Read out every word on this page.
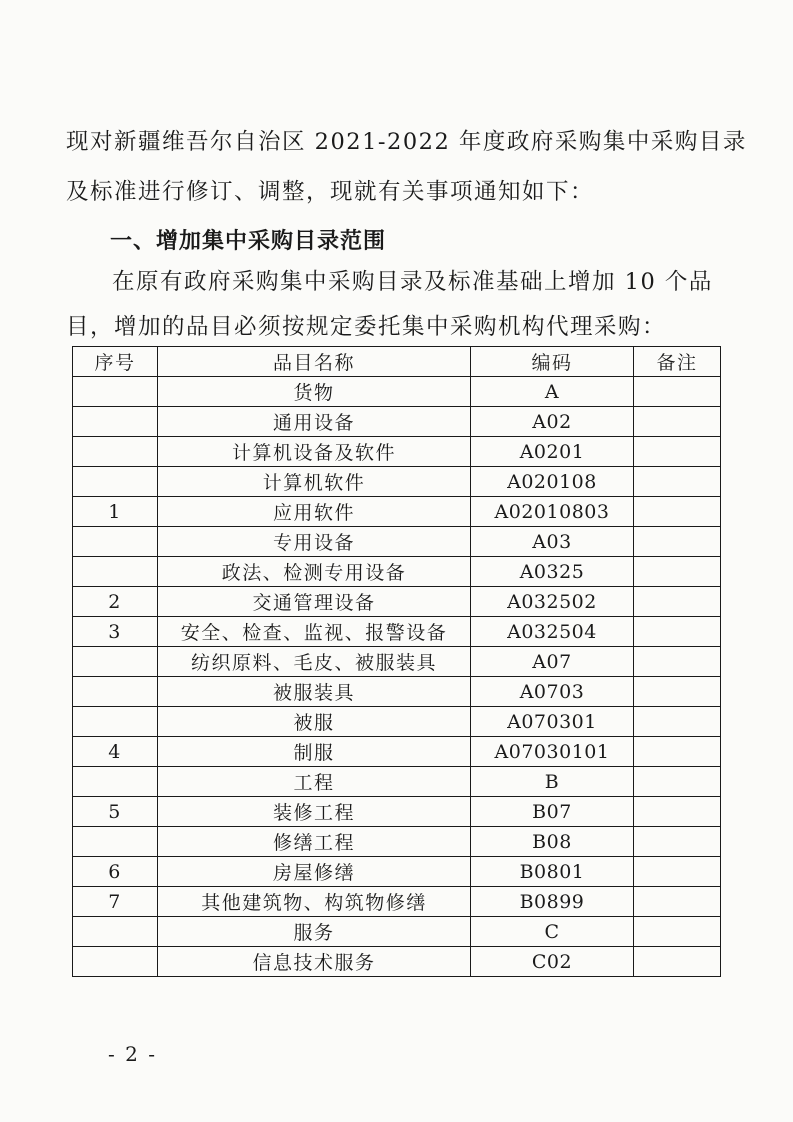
现对新疆维吾尔自治区 2021-2022 年度政府采购集中采购目录
及标准进行修订、调整，现就有关事项通知如下：
一、增加集中采购目录范围
在原有政府采购集中采购目录及标准基础上增加 10 个品
目，增加的品目必须按规定委托集中采购机构代理采购：
序号	品目名称	编码	备注
	货物	A	
	通用设备	A02	
	计算机设备及软件	A0201	
	计算机软件	A020108	
1	应用软件	A02010803	
	专用设备	A03	
	政法、检测专用设备	A0325	
2	交通管理设备	A032502	
3	安全、检查、监视、报警设备	A032504	
	纺织原料、毛皮、被服装具	A07	
	被服装具	A0703	
	被服	A070301	
4	制服	A07030101	
	工程	B	
5	装修工程	B07	
	修缮工程	B08	
6	房屋修缮	B0801	
7	其他建筑物、构筑物修缮	B0899	
	服务	C	
	信息技术服务	C02	
- 2 -
